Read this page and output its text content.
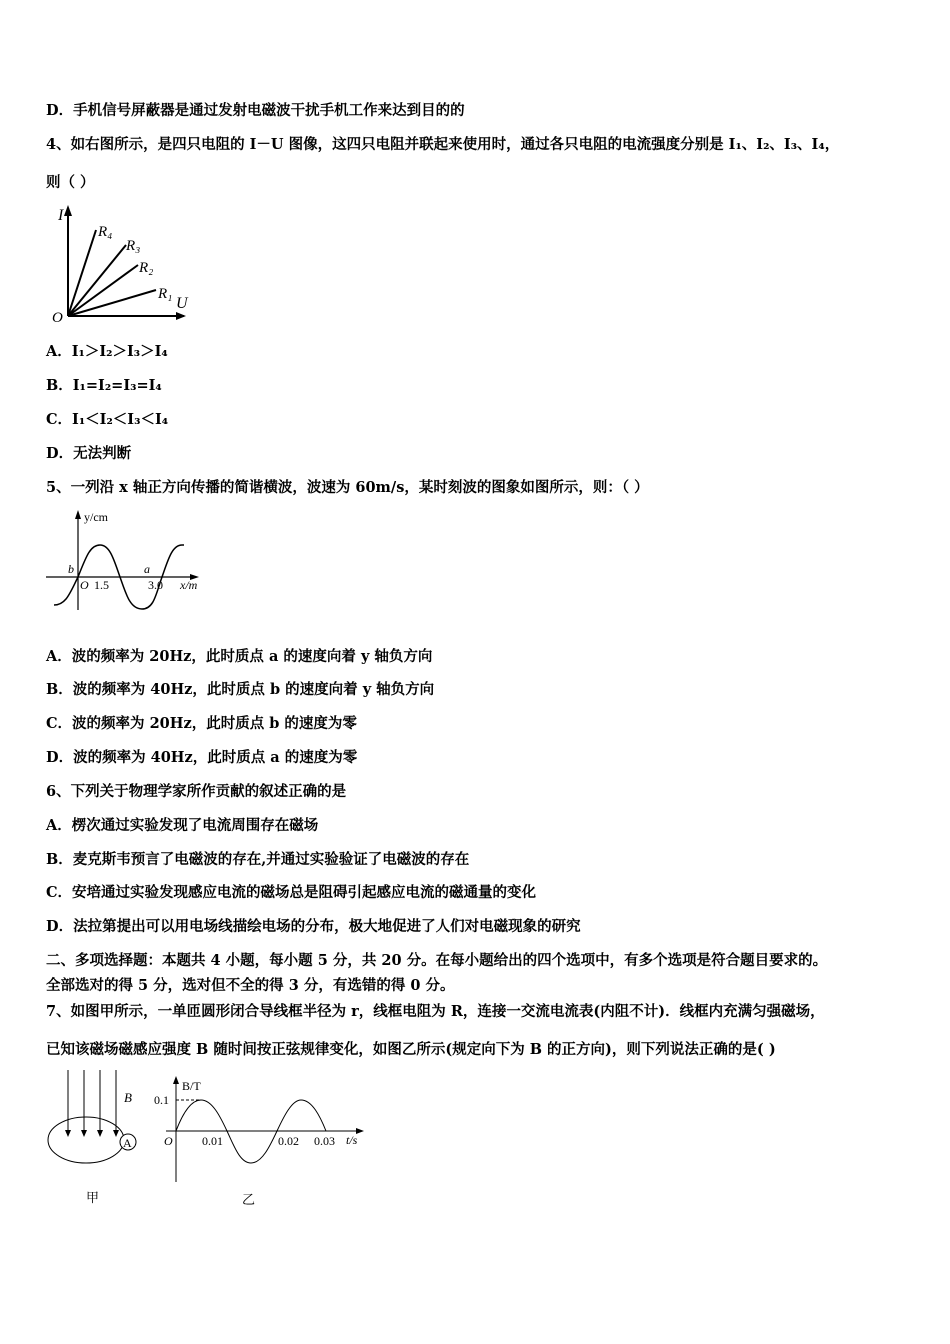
D．手机信号屏蔽器是通过发射电磁波干扰手机工作来达到目的的
4、如右图所示，是四只电阻的 I－U 图像，这四只电阻并联起来使用时，通过各只电阻的电流强度分别是 I₁、I₂、I₃、I₄，
则（ ）
I
U
O
R₄
R₃
R₂
R₁
A．I₁＞I₂＞I₃＞I₄
B．I₁=I₂=I₃=I₄
C．I₁＜I₂＜I₃＜I₄
D．无法判断
5、一列沿 x 轴正方向传播的简谐横波，波速为 60m/s，某时刻波的图象如图所示，则：（ ）
y/cm
x/m
O 1.5	3.0
b	a
A．波的频率为 20Hz，此时质点 a 的速度向着 y 轴负方向
B．波的频率为 40Hz，此时质点 b 的速度向着 y 轴负方向
C．波的频率为 20Hz，此时质点 b 的速度为零
D．波的频率为 40Hz，此时质点 a 的速度为零
6、下列关于物理学家所作贡献的叙述正确的是
A．楞次通过实验发现了电流周围存在磁场
B．麦克斯韦预言了电磁波的存在,并通过实验验证了电磁波的存在
C．安培通过实验发现感应电流的磁场总是阻碍引起感应电流的磁通量的变化
D．法拉第提出可以用电场线描绘电场的分布，极大地促进了人们对电磁现象的研究
二、多项选择题：本题共 4 小题，每小题 5 分，共 20 分。在每小题给出的四个选项中，有多个选项是符合题目要求的。
全部选对的得 5 分，选对但不全的得 3 分，有选错的得 0 分。
7、如图甲所示，一单匝圆形闭合导线框半径为 r，线框电阻为 R，连接一交流电流表(内阻不计)．线框内充满匀强磁场，
已知该磁场磁感应强度 B 随时间按正弦规律变化，如图乙所示(规定向下为 B 的正方向)，则下列说法正确的是( )
A
B
甲
B/T
t/s
0.1
O 0.01	0.02 0.03
乙
